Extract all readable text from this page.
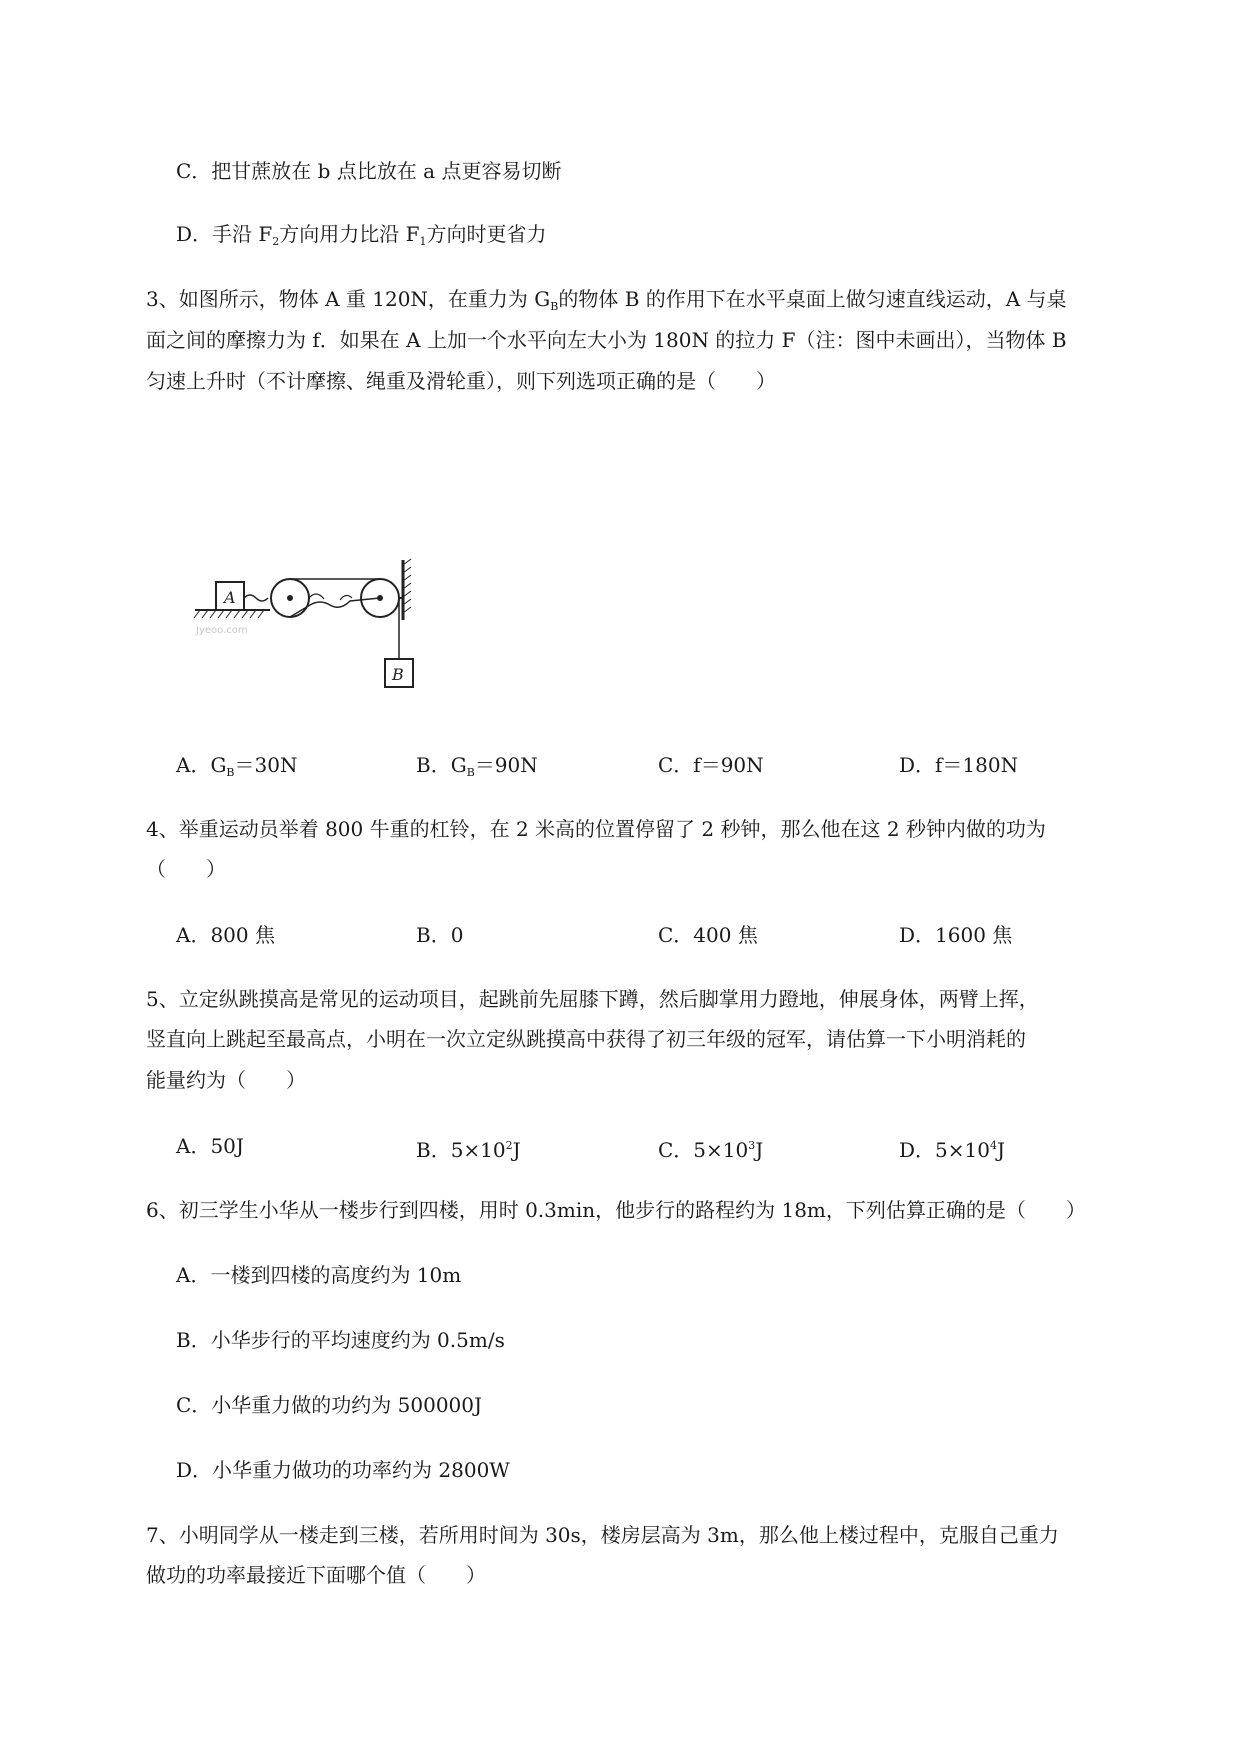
C．把甘蔗放在 b 点比放在 a 点更容易切断
D．手沿 $F_2$方向用力比沿 $F_1$方向时更省力
3、如图所示，物体 A 重 120N，在重力为 $G_B$的物体 B 的作用下在水平桌面上做匀速直线运动，A 与桌
面之间的摩擦力为 f．如果在 A 上加一个水平向左大小为 180N 的拉力 F（注：图中未画出），当物体 B
匀速上升时（不计摩擦、绳重及滑轮重），则下列选项正确的是（　　）
A
B
Jyeoo.com
A．$G_B=30N$	B．$G_B=90N$	C．f＝90N	D．f＝180N
4、举重运动员举着 800 牛重的杠铃，在 2 米高的位置停留了 2 秒钟，那么他在这 2 秒钟内做的功为
（　　）
A．800 焦	B．0	C．400 焦	D．1600 焦
5、立定纵跳摸高是常见的运动项目，起跳前先屈膝下蹲，然后脚掌用力蹬地，伸展身体，两臂上挥，
竖直向上跳起至最高点，小明在一次立定纵跳摸高中获得了初三年级的冠军，请估算一下小明消耗的
能量约为（　　）
A．50J	B．$5\times 10^2J$	C．$5\times 10^3J$	D．$5\times 10^4J$
6、初三学生小华从一楼步行到四楼，用时 0.3min，他步行的路程约为 18m，下列估算正确的是（　　）
A．一楼到四楼的高度约为 10m
B．小华步行的平均速度约为 0.5m/s
C．小华重力做的功约为 500000J
D．小华重力做功的功率约为 2800W
7、小明同学从一楼走到三楼，若所用时间为 30s，楼房层高为 3m，那么他上楼过程中，克服自己重力
做功的功率最接近下面哪个值（　　）
